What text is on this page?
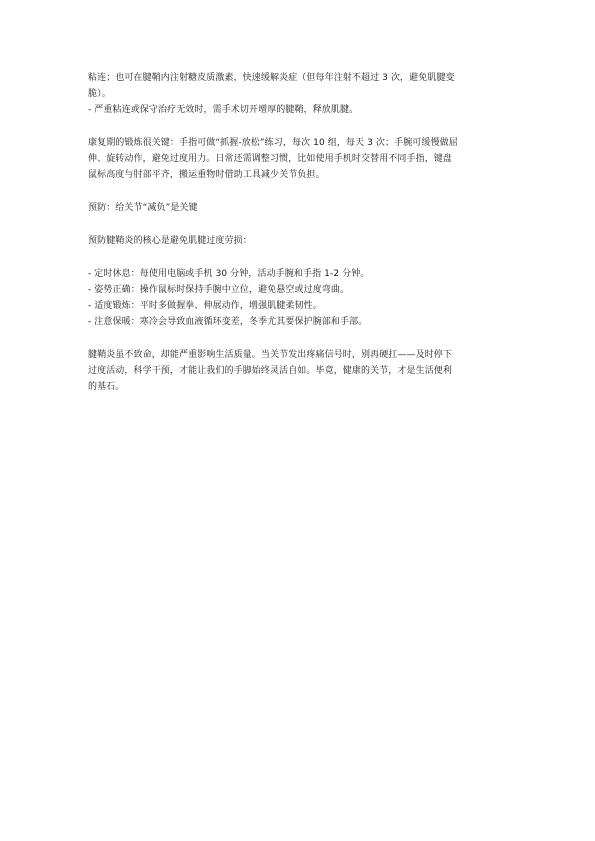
粘连；也可在腱鞘内注射糖皮质激素，快速缓解炎症（但每年注射不超过 3 次，避免肌腱变
脆）。
- 严重粘连或保守治疗无效时，需手术切开增厚的腱鞘，释放肌腱。
康复期的锻炼很关键：手指可做“抓握-放松”练习，每次 10 组，每天 3 次；手腕可缓慢做屈
伸、旋转动作，避免过度用力。日常还需调整习惯，比如使用手机时交替用不同手指，键盘
鼠标高度与肘部平齐，搬运重物时借助工具减少关节负担。
预防：给关节“减负”是关键
预防腱鞘炎的核心是避免肌腱过度劳损：
- 定时休息：每使用电脑或手机 30 分钟，活动手腕和手指 1-2 分钟。
- 姿势正确：操作鼠标时保持手腕中立位，避免悬空或过度弯曲。
- 适度锻炼：平时多做握拳、伸展动作，增强肌腱柔韧性。
- 注意保暖：寒冷会导致血液循环变差，冬季尤其要保护腕部和手部。
腱鞘炎虽不致命，却能严重影响生活质量。当关节发出疼痛信号时，别再硬扛——及时停下
过度活动，科学干预，才能让我们的手脚始终灵活自如。毕竟，健康的关节，才是生活便利
的基石。
